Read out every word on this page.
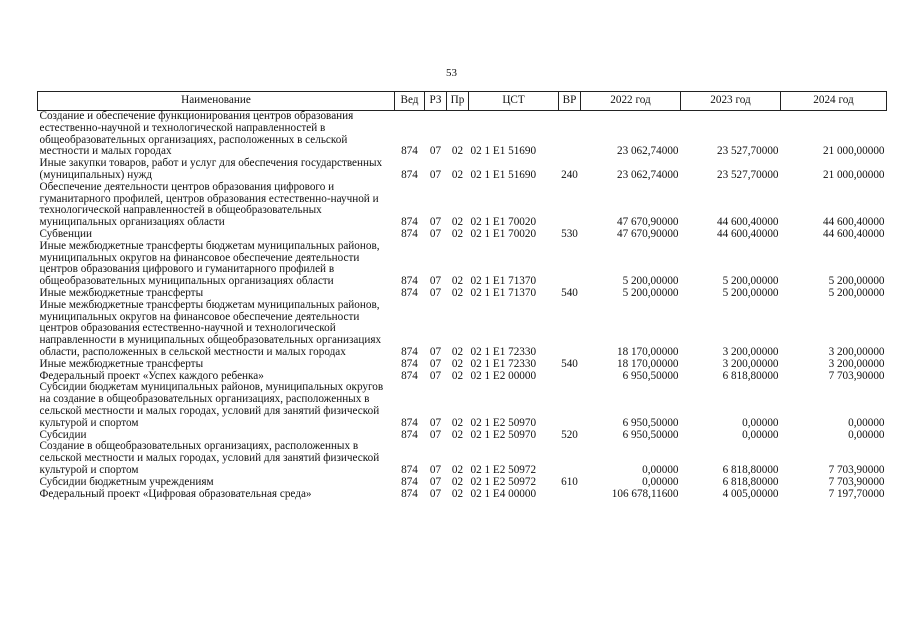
53
Наименование	Вед	РЗ	Пр	ЦСТ	ВР	2022 год	2023 год	2024 год
Создание и обеспечение функционирования центров образования естественно-научной и технологической направленностей в общеобразовательных организациях, расположенных в сельской местности и малых городах	874	07	02	02 1 E1 51690		23 062,74000	23 527,70000	21 000,00000
Иные закупки товаров, работ и услуг для обеспечения государственных (муниципальных) нужд	874	07	02	02 1 E1 51690	240	23 062,74000	23 527,70000	21 000,00000
Обеспечение деятельности центров образования цифрового и гуманитарного профилей, центров образования естественно-научной и технологической направленностей в общеобразовательных муниципальных организациях области	874	07	02	02 1 E1 70020		47 670,90000	44 600,40000	44 600,40000
Субвенции	874	07	02	02 1 E1 70020	530	47 670,90000	44 600,40000	44 600,40000
Иные межбюджетные трансферты бюджетам муниципальных районов, муниципальных округов на финансовое обеспечение деятельности центров образования цифрового и гуманитарного профилей в общеобразовательных муниципальных организациях области	874	07	02	02 1 E1 71370		5 200,00000	5 200,00000	5 200,00000
Иные межбюджетные трансферты	874	07	02	02 1 E1 71370	540	5 200,00000	5 200,00000	5 200,00000
Иные межбюджетные трансферты бюджетам муниципальных районов, муниципальных округов на финансовое обеспечение деятельности центров образования естественно-научной и технологической направленности в муниципальных общеобразовательных организациях области, расположенных в сельской местности и малых городах	874	07	02	02 1 E1 72330		18 170,00000	3 200,00000	3 200,00000
Иные межбюджетные трансферты	874	07	02	02 1 E1 72330	540	18 170,00000	3 200,00000	3 200,00000
Федеральный проект «Успех каждого ребенка»	874	07	02	02 1 E2 00000		6 950,50000	6 818,80000	7 703,90000
Субсидии бюджетам муниципальных районов, муниципальных округов на создание в общеобразовательных организациях, расположенных в сельской местности и малых городах, условий для занятий физической культурой и спортом	874	07	02	02 1 E2 50970		6 950,50000	0,00000	0,00000
Субсидии	874	07	02	02 1 E2 50970	520	6 950,50000	0,00000	0,00000
Создание в общеобразовательных организациях, расположенных в сельской местности и малых городах, условий для занятий физической культурой и спортом	874	07	02	02 1 E2 50972		0,00000	6 818,80000	7 703,90000
Субсидии бюджетным учреждениям	874	07	02	02 1 E2 50972	610	0,00000	6 818,80000	7 703,90000
Федеральный проект «Цифровая образовательная среда»	874	07	02	02 1 E4 00000		106 678,11600	4 005,00000	7 197,70000
